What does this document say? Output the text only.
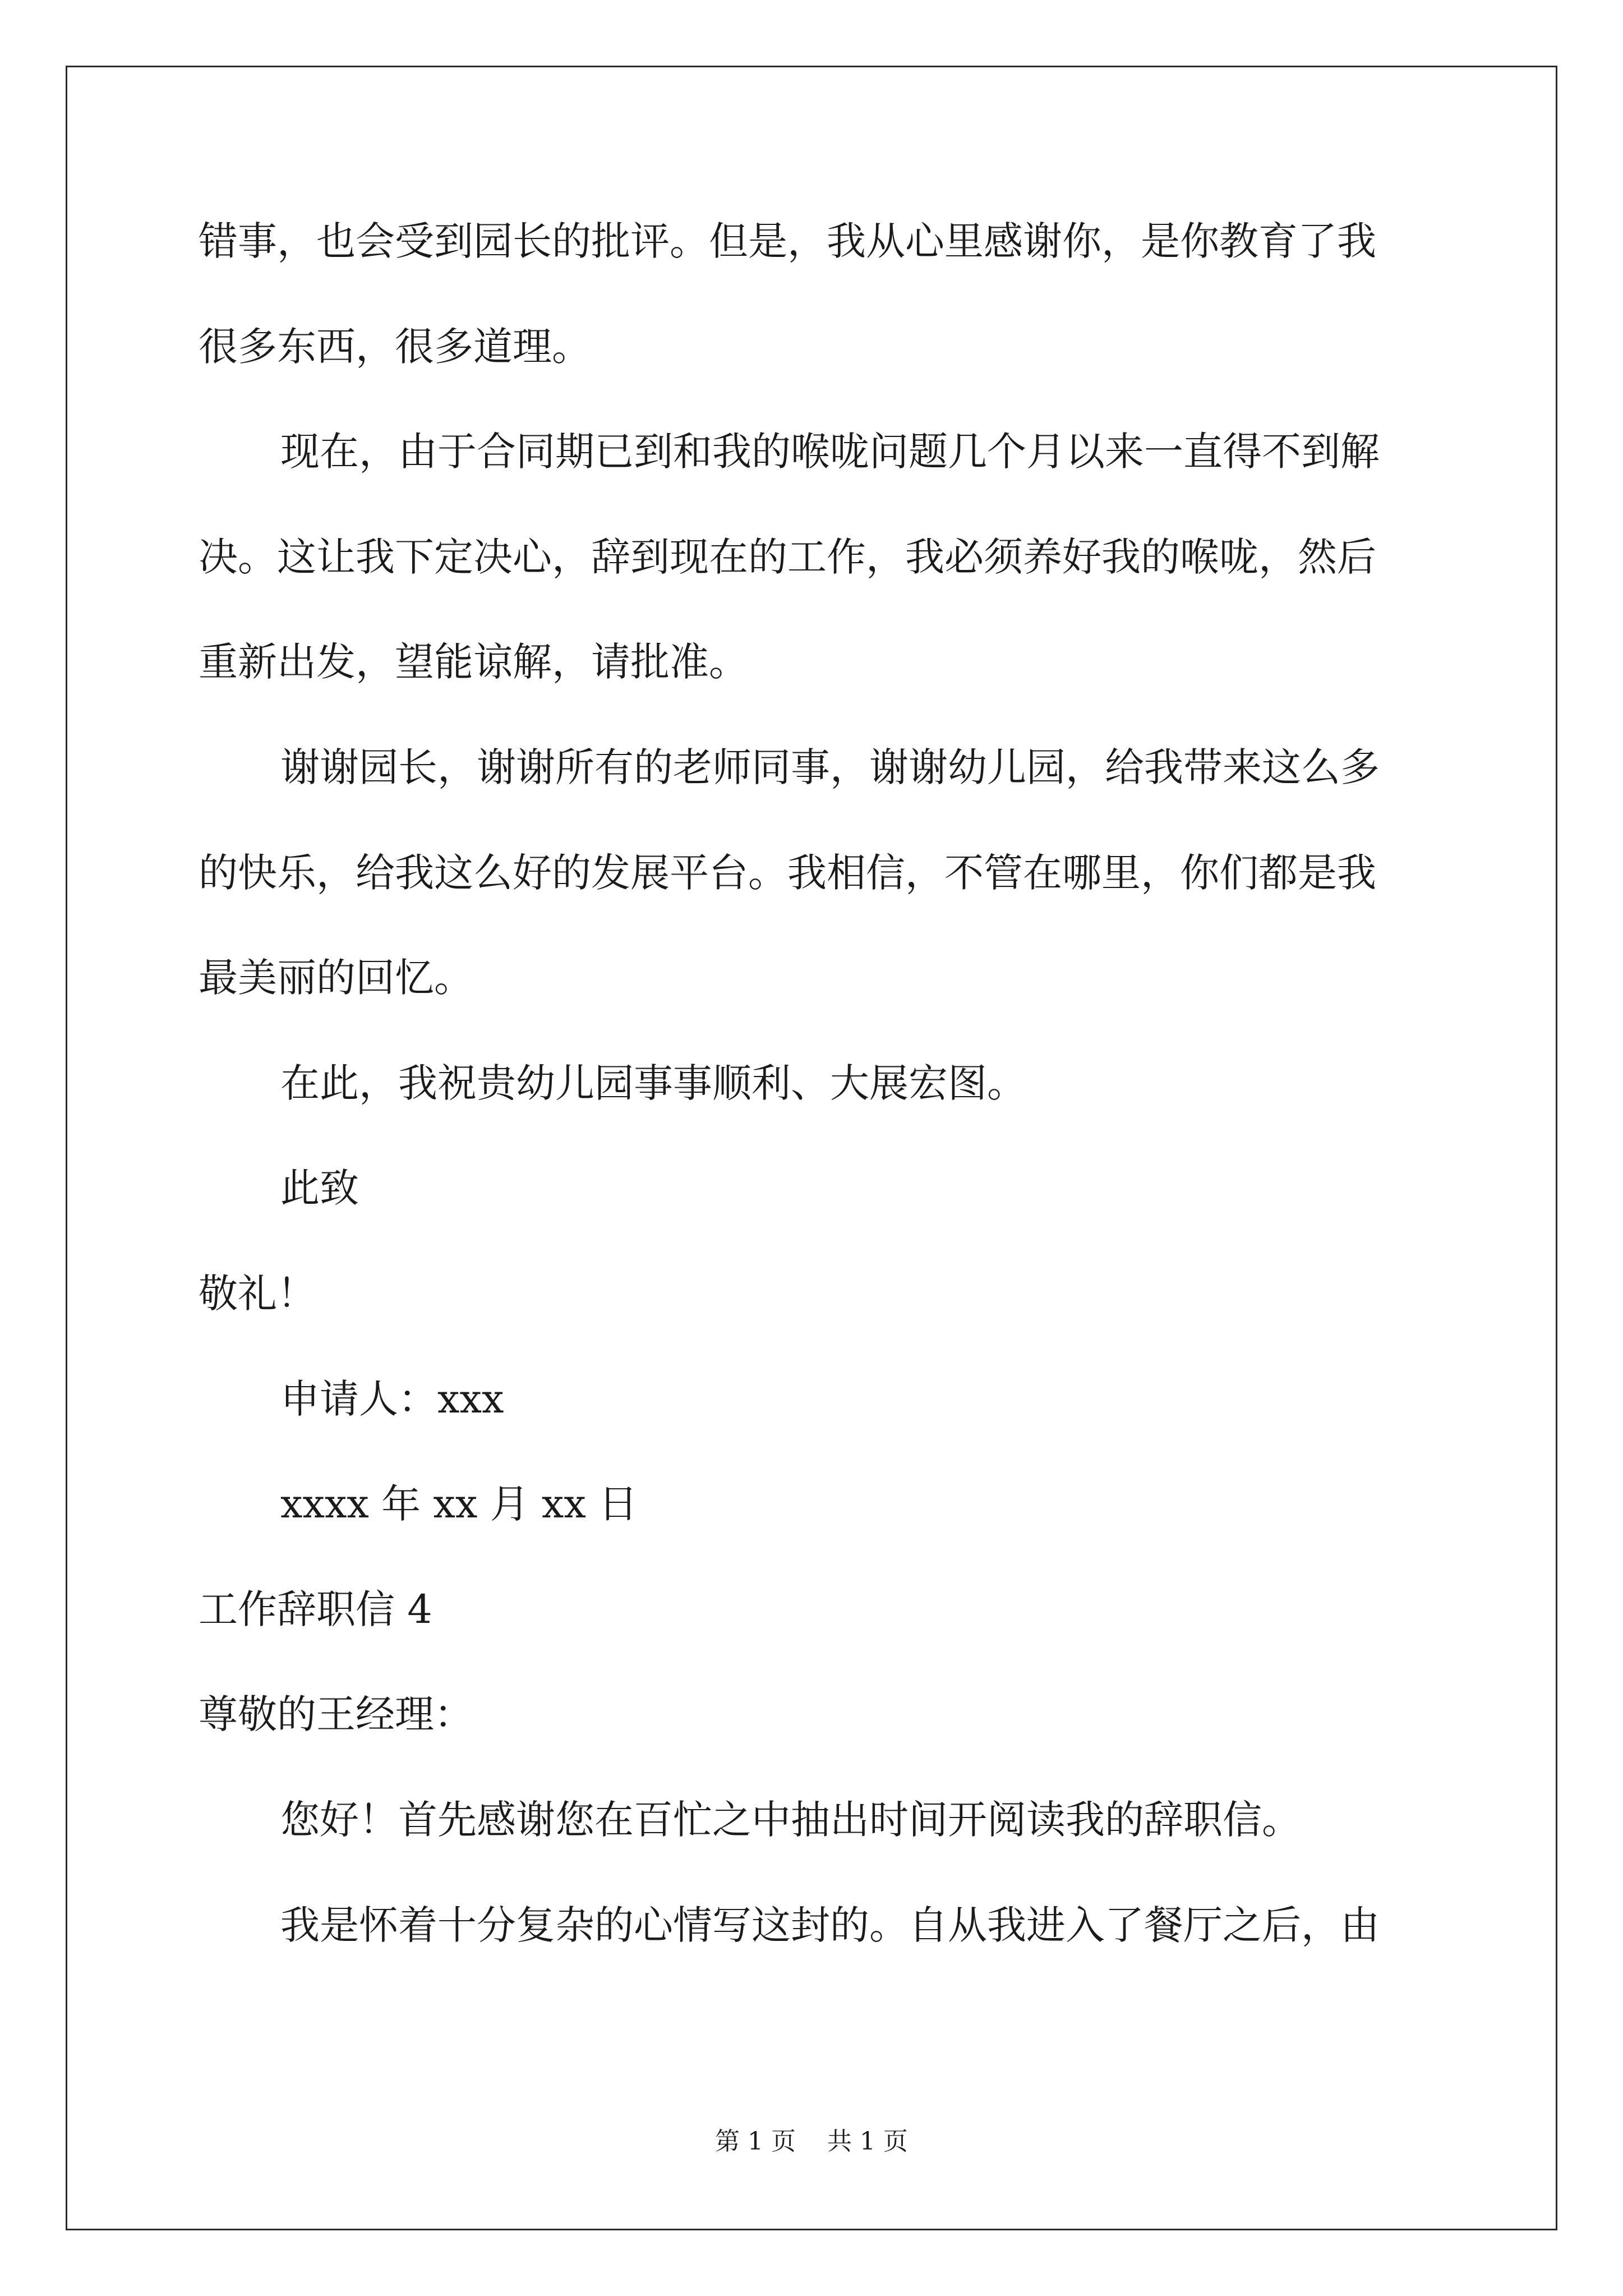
错事，也会受到园长的批评。但是，我从心里感谢你，是你教育了我
很多东西，很多道理。
现在，由于合同期已到和我的喉咙问题几个月以来一直得不到解
决。这让我下定决心，辞到现在的工作，我必须养好我的喉咙，然后
重新出发，望能谅解，请批准。
谢谢园长，谢谢所有的老师同事，谢谢幼儿园，给我带来这么多
的快乐，给我这么好的发展平台。我相信，不管在哪里，你们都是我
最美丽的回忆。
在此，我祝贵幼儿园事事顺利、大展宏图。
此致
敬礼！
申请人：xxx
xxxx 年 xx 月 xx 日
工作辞职信 4
尊敬的王经理：
您好！首先感谢您在百忙之中抽出时间开阅读我的辞职信。
我是怀着十分复杂的心情写这封的。自从我进入了餐厅之后，由
第 1 页    共 1 页
